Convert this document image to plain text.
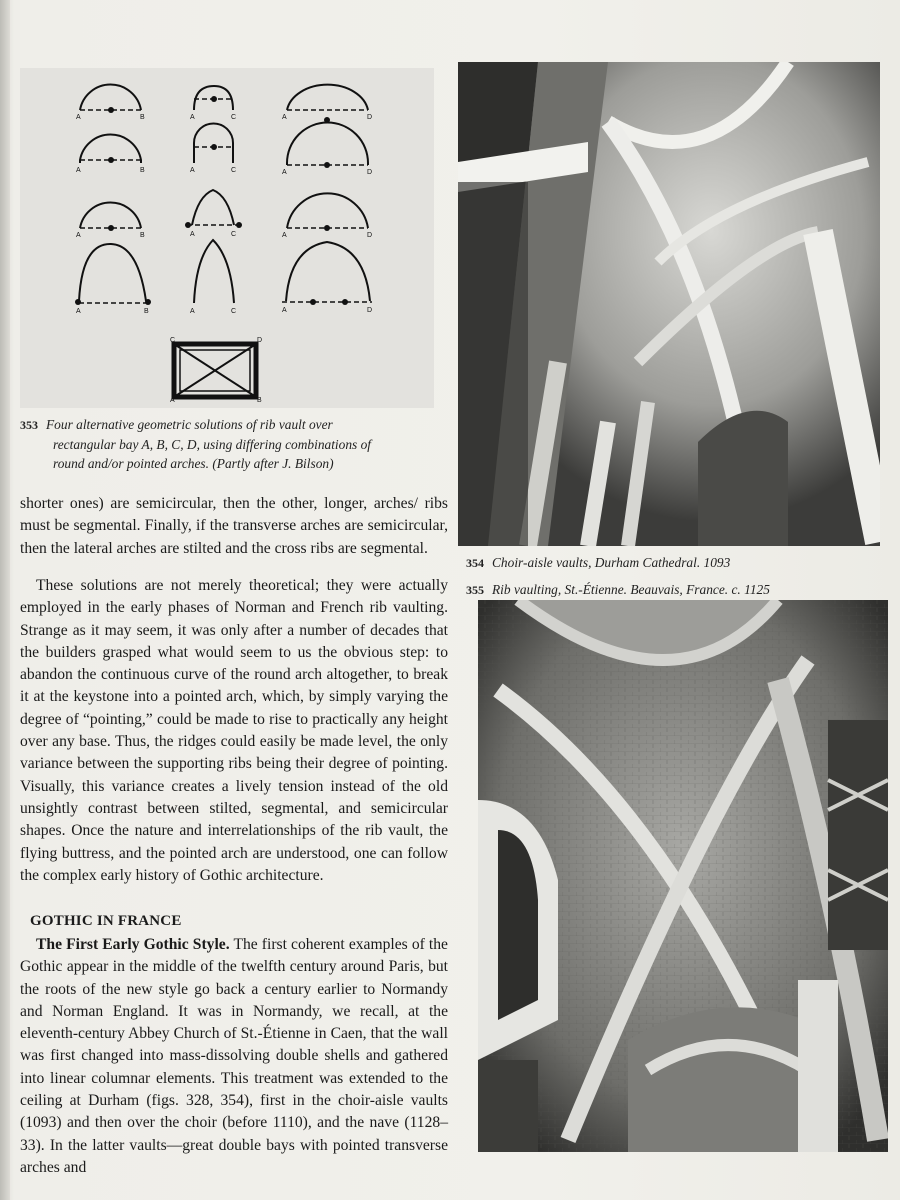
A	B	A	C	A	D
A	B	A	C	A	D
A	B	A	C	A	D
A	B	A	C	A	D
C	D
A	B
353 Four alternative geometric solutions of rib vault over
rectangular bay A, B, C, D, using differing combinations of
round and/or pointed arches. (Partly after J. Bilson)
354 Choir-aisle vaults, Durham Cathedral. 1093
355 Rib vaulting, St.-Étienne. Beauvais, France. c. 1125

shorter ones) are semicircular, then the other, longer, arches/ ribs must be segmental. Finally, if the transverse arches are semicircular, then the lateral arches are stilted and the cross ribs are segmental.

These solutions are not merely theoretical; they were actually employed in the early phases of Norman and French rib vaulting. Strange as it may seem, it was only after a number of decades that the builders grasped what would seem to us the obvious step: to abandon the continuous curve of the round arch altogether, to break it at the keystone into a pointed arch, which, by simply varying the degree of “pointing,” could be made to rise to practically any height over any base. Thus, the ridges could easily be made level, the only variance between the supporting ribs being their degree of pointing. Visually, this variance creates a lively tension instead of the old unsightly contrast between stilted, segmental, and semicircular shapes. Once the nature and interrelationships of the rib vault, the flying buttress, and the pointed arch are understood, one can follow the complex early history of Gothic architecture.

GOTHIC IN FRANCE

The First Early Gothic Style. The first coherent examples of the Gothic appear in the middle of the twelfth century around Paris, but the roots of the new style go back a century earlier to Normandy and Norman England. It was in Normandy, we recall, at the eleventh-century Abbey Church of St.-Étienne in Caen, that the wall was first changed into mass-dissolving double shells and gathered into linear columnar elements. This treatment was extended to the ceiling at Durham (figs. 328, 354), first in the choir-aisle vaults (1093) and then over the choir (before 1110), and the nave (1128–33). In the latter vaults—great double bays with pointed transverse arches and
